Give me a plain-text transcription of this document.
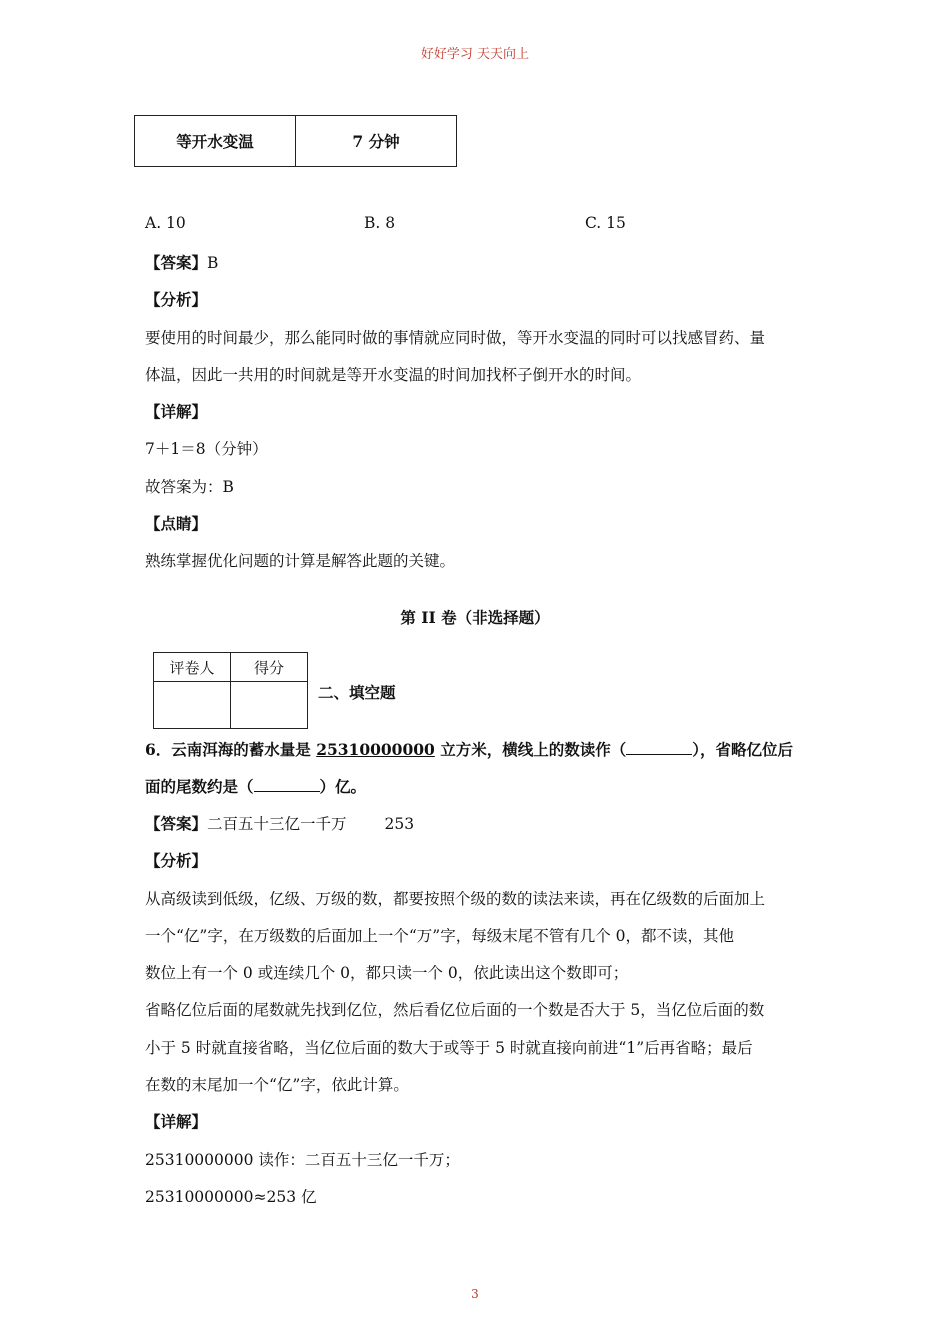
好好学习 天天向上
等开水变温	7 分钟
A. 10	B. 8	C. 15
【答案】B
【分析】
要使用的时间最少，那么能同时做的事情就应同时做，等开水变温的同时可以找感冒药、量
体温，因此一共用的时间就是等开水变温的时间加找杯子倒开水的时间。
【详解】
7＋1＝8（分钟）
故答案为：B
【点睛】
熟练掌握优化问题的计算是解答此题的关键。
第 II 卷（非选择题）
评卷人	得分

二、填空题
6．云南洱海的蓄水量是 25310000000 立方米，横线上的数读作（	），省略亿位后
面的尾数约是（	）亿。
【答案】二百五十三亿一千万 253
【分析】
从高级读到低级，亿级、万级的数，都要按照个级的数的读法来读，再在亿级数的后面加上
一个“亿”字，在万级数的后面加上一个“万”字，每级末尾不管有几个 0，都不读，其他
数位上有一个 0 或连续几个 0，都只读一个 0，依此读出这个数即可；
省略亿位后面的尾数就先找到亿位，然后看亿位后面的一个数是否大于 5，当亿位后面的数
小于 5 时就直接省略，当亿位后面的数大于或等于 5 时就直接向前进“1”后再省略；最后
在数的末尾加一个“亿”字，依此计算。
【详解】
25310000000 读作：二百五十三亿一千万；
25310000000≈253 亿
3
